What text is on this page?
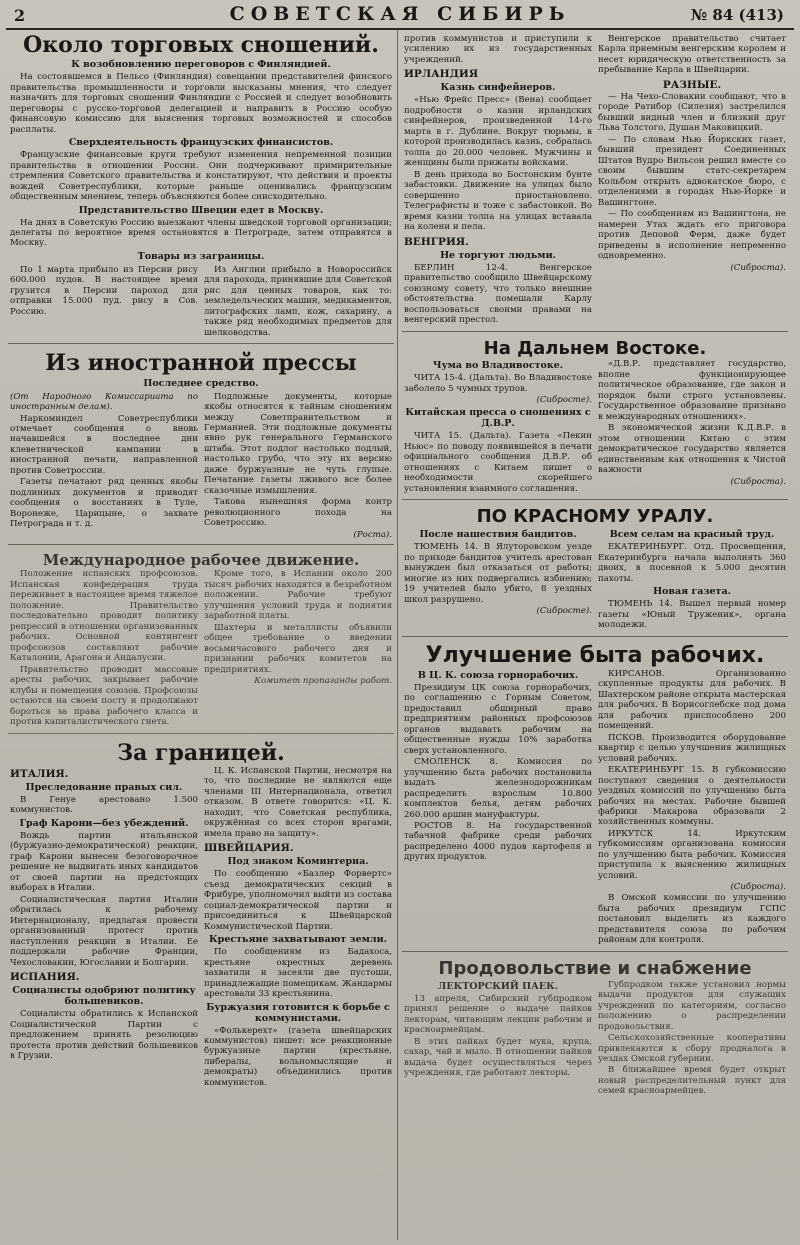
2	СОВЕТСКАЯ СИБИРЬ	№ 84 (413)
Около торговых сношений.
К возобновлению переговоров с Финляндией.

На состоявшемся в Пельсо (Финляндия) совещании представителей финского правительства промышленности и торговли высказаны мнения, что следует назначить для торговых сношений Финляндии с Россией и следует возобновить переговоры с русско-торговой делегацией и направить в Россию особую финансовую комиссию для выяснения торговых возможностей и способов расплаты.

Сверхдеятельность французских финансистов.

Французские финансовые круги требуют изменения непременной позиции правительства в отношении России. Они подчеркивают примирительные стремления Советского правительства и констатируют, что действия и проекты вождей Советреспублики, которые раньше оценивались французским общественным мнением, теперь объясняются более снисходительно.

Представительство Швеции едет в Москву.

На днях в Советскую Россию выезжают члены шведской торговой организации; делегаты по вероятное время остановятся в Петрограде, затем отправятся в Москву.

Товары из заграницы.

По 1 марта прибыло из Персии рису 600.000 пудов. В настоящее время грузится в Персии пароход для отправки 15.000 пуд. рису в Сов. Россию.

Из Англии прибыло в Новороссийск для парохода, принявшие для Советской рис для ценных товаров, как то: земледельческих машин, медикаментов, литографских ламп, кож, сахарину, а также ряд необходимых предметов для шелководства.

Из иностранной прессы
Последнее средство.

(От Народного Комиссариата по иностранным делам).

Наркоминдел Советреспублики отмечает сообщения о вновь начавшейся в последнее дни клеветнической кампании в иностранной печати, направленной против Советроссии.

Газеты печатают ряд ценных якобы подлинных документов и приводят сообщения о восстаниях в Туле, Воронеже, Царицыне, о захвате Петрограда и т. д.

Подложные документы, которые якобы относятся к тайным сношениям между Советправительством и Германией. Эти подложные документы явно рук генерального Германского штаба. Этот подлог настолько подлый, настолько грубо, что эту их версию даже буржуазные не чуть глупые. Печатание газеты лживого все более сказочные измышления.

Такова нынешняя форма контр революционного похода на Советроссию.

(Роста).

Международное рабочее движение.

Положение испанских профсоюзов. Испанская конфедерация труда переживает в настоящее время тяжелое положение. Правительство последовательно проводит политику репрессий в отношении организованных рабочих. Основной контингент профсоюзов составляют рабочие Каталонии, Арагона и Андалусии.

Правительство проводит массовые аресты рабочих, закрывает рабочие клубы и помещения союзов. Профсоюзы остаются на своем посту и продолжают бороться за права рабочего класса и против капиталистического гнета.

Кроме того, в Испании около 200 тысяч рабочих находятся в безработном положении. Рабочие требуют улучшения условий труда и поднятия заработной платы.

Шахтеры и металлисты объявили общее требование о введении восьмичасового рабочего дня и признании рабочих комитетов на предприятиях.

Комитет пропаганды работ.

За границей.
ИТАЛИЯ.
Преследование правых сил.

В Генуе арестовано 1.500 коммунистов.

Граф Карони—без убеждений.

Вождь партии итальянской (буржуазно-демократической) реакции, граф Карони вынесен безоговорочное решение не выдвигать иных кандидатов от своей партии на предстоящих выборах в Италии.

Социалистическая партия Италии обратилась к рабочему Интернационалу, предлагая провести организованный протест против наступления реакции в Италии. Ее поддержали рабочие Франции, Чехословакии, Югославии и Болгарии.

ИСПАНИЯ.
Социалисты одобряют политику большевиков.

Социалисты обратились к Испанской Социалистической Партии с предложением принять резолюцию протеста против действий большевиков в Грузии.

Ц. К. Испанской Партии, несмотря на то, что последние не являются еще членами III Интернационала, ответил отказом. В ответе говорится: «Ц. К. находит, что Советская республика, окружённая со всех сторон врагами, имела право на защиту».

ШВЕЙЦАРИЯ.
Под знаком Коминтерна.

По сообщению «Базлер Форвертс» съезд демократических секций в Фрибуре, уполномочил выйти из состава социал-демократической партии и присоединиться к Швейцарской Коммунистической Партии.

Крестьяне захватывают земли.

По сообщениям из Бадахоса, крестьяне окрестных деревень захватили и засеяли две пустоши, принадлежащие помещикам. Жандармы арестовали 33 крестьянина.

Буржуазия готовится к борьбе с коммунистами.

«Фолькерехт» (газета швейцарских коммунистов) пишет: все реакционные буржуазные партии (крестьяне, либералы, вольномыслящие и демократы) объединились против коммунистов.

против коммунистов и приступили к усилению их из государственных учреждений.

ИРЛАНДИЯ
Казнь синфейнеров.

«Нью Фрейс Пресс» (Вена) сообщает подробности о казни ирландских синфейнеров, произведенной 14-го марта в г. Дублине. Вокруг тюрьмы, в которой производилась казнь, собралась толпа до 20.000 человек. Мужчины и женщины были прижаты войсками.

В день прихода во Бостонским бунте забастовки. Движение на улицах было совершенно приостановлено. Телеграфисты и тоже с забастовкой. Во время казни толпа на улицах вставала на колени и пела.

ВЕНГРИЯ.
Не торгуют людьми.

БЕРЛИН 12-4. Венгерское правительство сообщило Швейцарскому союзному совету, что только внешние обстоятельства помешали Карлу воспользоваться своими правами на венгерский престол.

Венгерское правительство считает Карла приемным венгерским королем и несет юридическую ответственность за пребывание Карла в Швейцарии.

РАЗНЫЕ.

— На Чехо-Словакии сообщают, что в городе Ратибор (Силезия) застрелился бывший видный член и близкий друг Льва Толстого, Душан Маковицкий.

— По словам Нью Йоркских газет, бывший президент Соединенных Штатов Вудро Вильсон решил вместе со своим бывшим статс-секретарем Кольбом открыть адвокатское бюро, с отделениями в городах Нью-Йорке и Вашингтоне.

— По сообщениям из Вашингтона, не намерен Утах ждать его приговора против Деповой Ферм, даже будет приведены в исполнение непременно одновременно.

(Сиброста).

На Дальнем Востоке.
Чума во Владивостоке.

ЧИТА 15-4. (Дальта). Во Владивостоке заболело 5 чумных трупов.

(Сибросте).

Китайская пресса о сношениях с Д.В.Р.

ЧИТА 15. (Дальта). Газета «Пекин Ньюс» по поводу появившейся в печати официального сообщения Д.В.Р. об отношениях с Китаем пишет о необходимости скорейшего установления взаимного соглашения.

«Д.В.Р. представляет государство, вполне функционирующее политическое образование, где закон и порядок были строго установлены. Государственное образование признано в международных отношениях».

В экономической жизни К.Д.В.Р. в этом отношении Китаю с этим демократическое государство является единственным как отношения к Чистой важности

(Сиброста).

ПО КРАСНОМУ УРАЛУ.
После нашествия бандитов.

ТЮМЕНЬ 14. В Ялуторовском уезде по приходе бандитов учитель арестован вынужден был отказаться от работы; многие из них подвергались избиению; 19 учителей было убито, 8 уездных школ разрушено.

(Сибросте).

Всем селам на красный труд.

ЕКАТЕРИНБУРГ. Отд. Просвещения, Екатеринбурга начала выполнять 360 двоих, в посевной к 5.000 десятин пахоты.

Новая газета.

ТЮМЕНЬ 14. Вышел первый номер газеты «Юный Труженик», органа молодежи.

Улучшение быта рабочих.
В Ц. К. союза горнорабочих.

Президиум ЦК союза горнорабочих, по соглашению с Горным Советом, предоставил обширный право предприятиям районных профсоюзов органов выдавать рабочим на общественные нужды 10% заработка сверх установленного.

СМОЛЕНСК 8. Комиссия по улучшению быта рабочих постановила выдать железнодорожникам распределить взрослым 10.800 комплектов белья, детям рабочих 260.000 аршин мануфактуры.

РОСТОВ 8. На государственной табачной фабрике среди рабочих распределено 4000 пудов картофеля и других продуктов.

КИРСАНОВ. Организованно скупленные продукты для рабочих. В Шахтерском районе открыта мастерская для рабочих. В Борисоглебске под дома для рабочих приспособлено 200 помещений.

ПСКОВ. Производится оборудование квартир с целью улучшения жилищных условий рабочих.

ЕКАТЕРИНБУРГ 15. В губкомиссию поступают сведения о деятельности уездных комиссий по улучшению быта рабочих на местах. Рабочие бывшей фабрики Макарова образовали 2 хозяйственных коммуны.

ИРКУТСК 14. Иркутским губкомиссиям организована комиссия по улучшению быта рабочих. Комиссия приступила к выяснению жилищных условий.

(Сиброста).

В Омской комиссии по улучшению быта рабочих президиум ГСПС постановил выделить из каждого представителя союза по рабочим районам для контроля.

Продовольствие и снабжение
ЛЕКТОРСКИЙ ПАЕК.

13 апреля, Сибирский губпродком принял решение о выдаче пайков лекторам, читающим лекции рабочим и красноармейцам.

В этих пайках будет мука, крупа, сахар, чай и мыло. В отношении пайков выдача будет осуществляться через учреждения, где работают лекторы.

Губпродком также установил нормы выдачи продуктов для служащих учреждений по категориям, согласно положению о распределении продовольствия.

Сельскохозяйственные кооперативы привлекаются к сбору продналога в уездах Омской губернии.

В ближайшее время будет открыт новый распределительный пункт для семей красноармейцев.
